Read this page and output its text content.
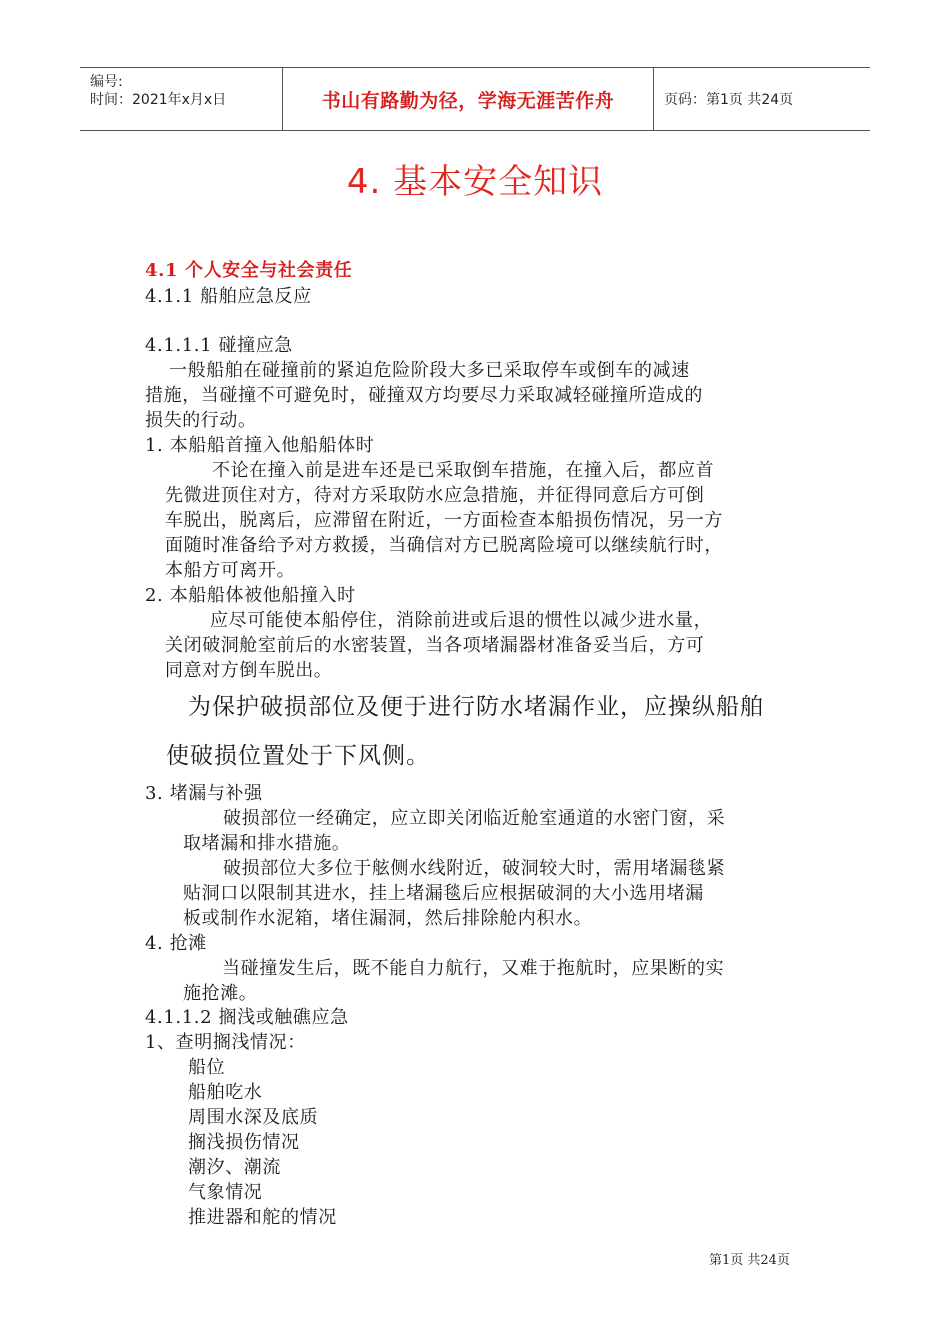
编号:
时间：2021年x月x日	书山有路勤为径，学海无涯苦作舟	页码：第1页 共24页
4. 基本安全知识
4.1 个人安全与社会责任
4.1.1 船舶应急反应
4.1.1.1 碰撞应急
一般船舶在碰撞前的紧迫危险阶段大多已采取停车或倒车的减速
措施，当碰撞不可避免时，碰撞双方均要尽力采取减轻碰撞所造成的
损失的行动。
1. 本船船首撞入他船船体时
不论在撞入前是进车还是已采取倒车措施，在撞入后，都应首
先微进顶住对方，待对方采取防水应急措施，并征得同意后方可倒
车脱出，脱离后，应滞留在附近，一方面检查本船损伤情况，另一方
面随时准备给予对方救援，当确信对方已脱离险境可以继续航行时，
本船方可离开。
2. 本船船体被他船撞入时
应尽可能使本船停住，消除前进或后退的惯性以减少进水量，
关闭破洞舱室前后的水密装置，当各项堵漏器材准备妥当后，方可
同意对方倒车脱出。
为保护破损部位及便于进行防水堵漏作业，应操纵船舶
使破损位置处于下风侧。
3. 堵漏与补强
破损部位一经确定，应立即关闭临近舱室通道的水密门窗，采
取堵漏和排水措施。
破损部位大多位于舷侧水线附近，破洞较大时，需用堵漏毯紧
贴洞口以限制其进水，挂上堵漏毯后应根据破洞的大小选用堵漏
板或制作水泥箱，堵住漏洞，然后排除舱内积水。
4. 抢滩
当碰撞发生后，既不能自力航行，又难于拖航时，应果断的实
施抢滩。
4.1.1.2 搁浅或触礁应急
1、查明搁浅情况：
船位
船舶吃水
周围水深及底质
搁浅损伤情况
潮汐、潮流
气象情况
推进器和舵的情况
第1页 共24页
